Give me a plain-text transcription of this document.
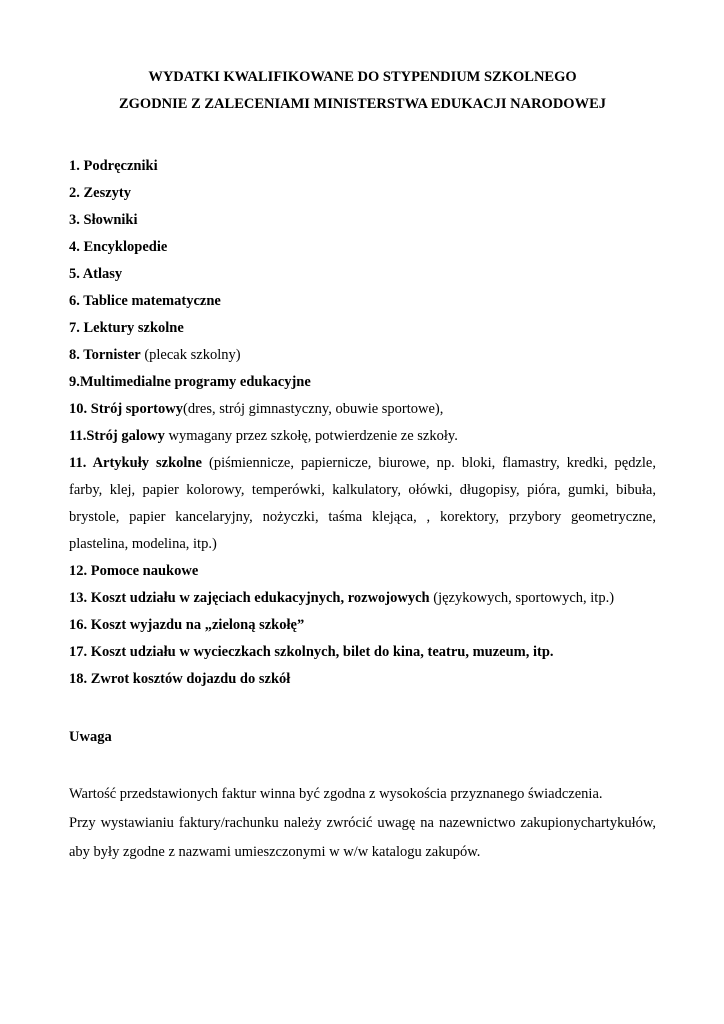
WYDATKI KWALIFIKOWANE DO STYPENDIUM SZKOLNEGO
ZGODNIE Z ZALECENIAMI MINISTERSTWA EDUKACJI NARODOWEJ
1. Podręczniki
2. Zeszyty
3. Słowniki
4. Encyklopedie
5. Atlasy
6. Tablice matematyczne
7. Lektury szkolne
8. Tornister (plecak szkolny)
9.Multimedialne programy edukacyjne
10. Strój sportowy(dres, strój gimnastyczny, obuwie sportowe),
11.Strój galowy wymagany przez szkołę, potwierdzenie ze szkoły.
11. Artykuły szkolne (piśmiennicze, papiernicze, biurowe, np. bloki, flamastry, kredki, pędzle, farby, klej, papier kolorowy, temperówki, kalkulatory, ołówki, długopisy, pióra, gumki, bibuła, brystole, papier kancelaryjny, nożyczki, taśma klejąca, , korektory, przybory geometryczne, plastelina, modelina, itp.)
12. Pomoce naukowe
13. Koszt udziału w zajęciach edukacyjnych, rozwojowych (językowych, sportowych, itp.)
16. Koszt wyjazdu na „zieloną szkołę”
17. Koszt udziału w wycieczkach szkolnych, bilet do kina, teatru, muzeum, itp.
18. Zwrot kosztów dojazdu do szkół
Uwaga

Wartość przedstawionych faktur winna być zgodna z wysokościa przyznanego świadczenia.

Przy wystawianiu faktury/rachunku należy zwrócić uwagę na nazewnictwo zakupionychartykułów, aby były zgodne z nazwami umieszczonymi w w/w katalogu zakupów.
